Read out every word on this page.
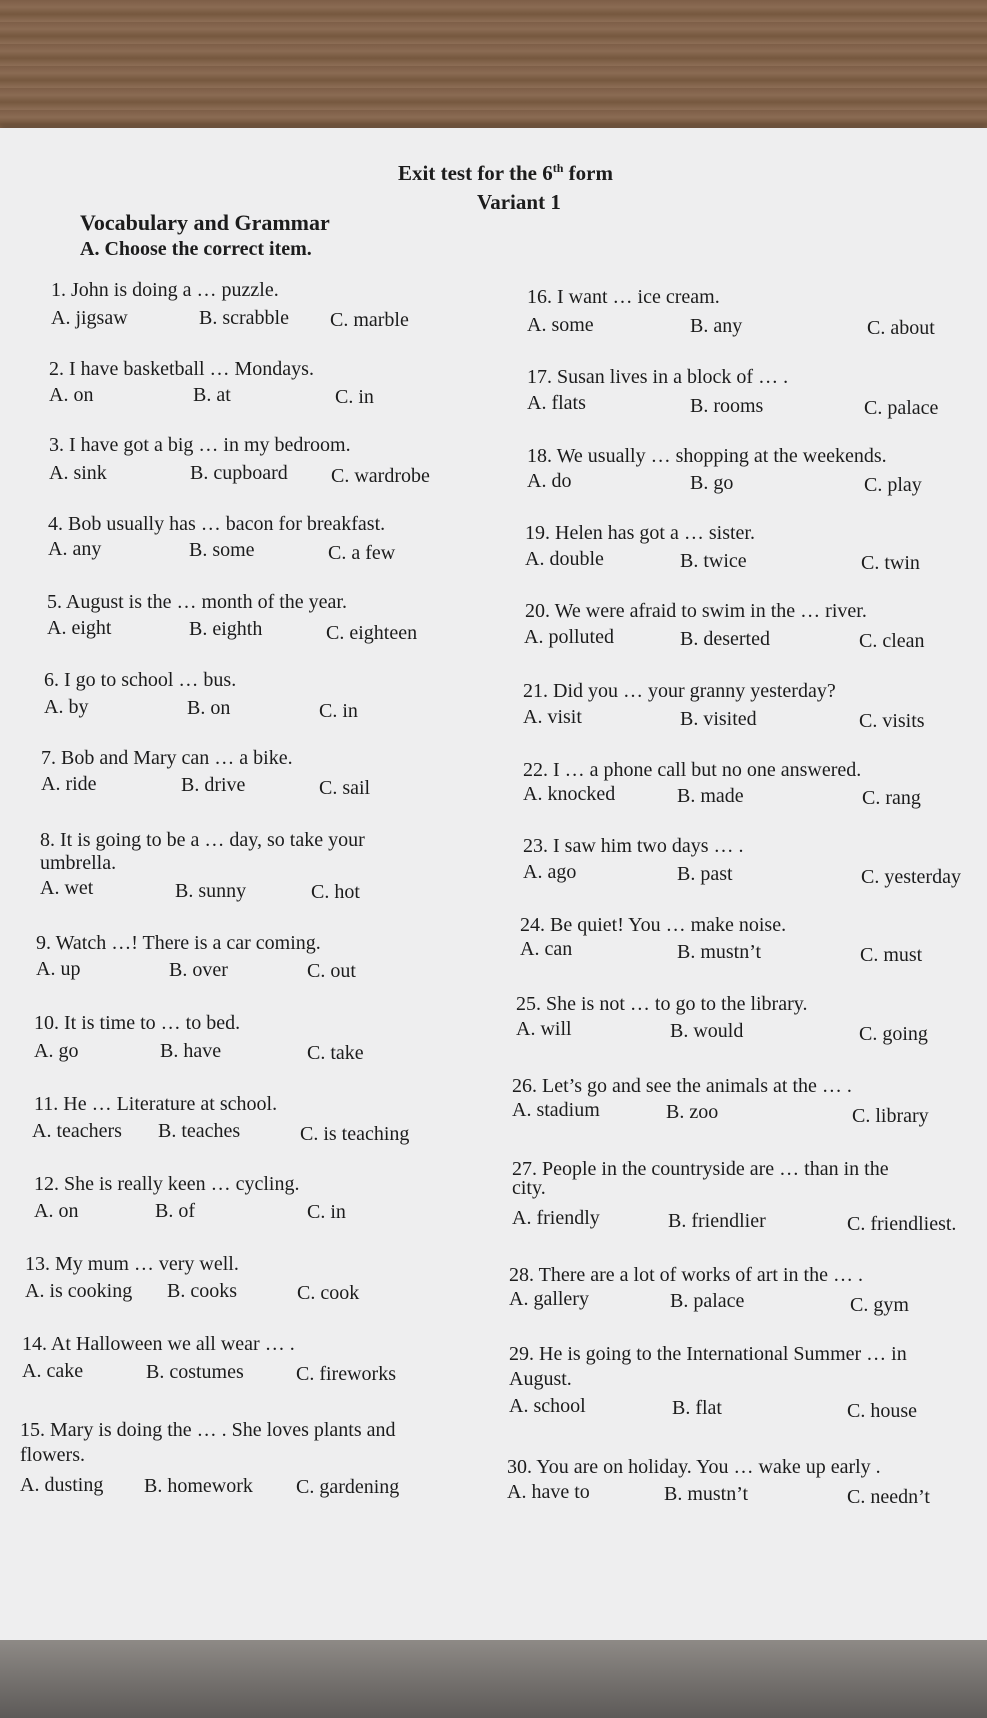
Exit test for the 6th form
Variant 1
Vocabulary and Grammar
A. Choose the correct item.
1. John is doing a … puzzle.
A. jigsaw	B. scrabble C. marble
2. I have basketball … Mondays.
A. on	B. at	C. in
3. I have got a big … in my bedroom.
A. sink	B. cupboard C. wardrobe
4. Bob usually has … bacon for breakfast.
A. any	B. some	C. a few
5. August is the … month of the year.
A. eight	B. eighth	C. eighteen
6. I go to school … bus.
A. by	B. on	C. in
7. Bob and Mary can … a bike.
A. ride	B. drive	C. sail
8. It is going to be a … day, so take your
umbrella.
A. wet	B. sunny	C. hot
9. Watch …! There is a car coming.
A. up	B. over	C. out
10. It is time to … to bed.
A. go	B. have	C. take
11. He … Literature at school.
A. teachers B. teaches	C. is teaching
12. She is really keen … cycling.
A. on	B. of	C. in
13. My mum … very well.
A. is cooking B. cooks	C. cook
14. At Halloween we all wear … .
A. cake	B. costumes	C. fireworks
15. Mary is doing the … . She loves plants and
flowers.
A. dusting B. homework C. gardening
16. I want … ice cream.
A. some	B. any	C. about
17. Susan lives in a block of … .
A. flats	B. rooms	C. palace
18. We usually … shopping at the weekends.
A. do	B. go	C. play
19. Helen has got a … sister.
A. double	B. twice	C. twin
20. We were afraid to swim in the … river.
A. polluted	B. deserted	C. clean
21. Did you … your granny yesterday?
A. visit	B. visited	C. visits
22. I … a phone call but no one answered.
A. knocked	B. made	C. rang
23. I saw him two days … .
A. ago	B. past	C. yesterday
24. Be quiet! You … make noise.
A. can	B. mustn’t	C. must
25. She is not … to go to the library.
A. will	B. would	C. going
26. Let’s go and see the animals at the … .
A. stadium	B. zoo	C. library
27. People in the countryside are … than in the
city.
A. friendly	B. friendlier	C. friendliest.
28. There are a lot of works of art in the … .
A. gallery	B. palace	C. gym
29. He is going to the International Summer … in
August.
A. school	B. flat	C. house
30. You are on holiday. You … wake up early .
A. have to	B. mustn’t	C. needn’t
